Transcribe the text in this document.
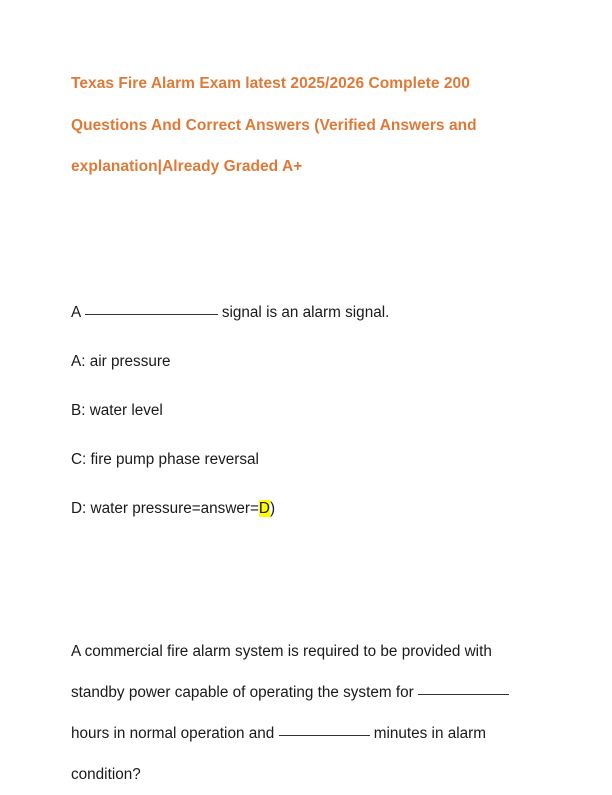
Texas Fire Alarm Exam latest 2025/2026 Complete 200 Questions And Correct Answers (Verified Answers and explanation|Already Graded A+

A	signal is an alarm signal.

A: air pressure

B: water level

C: fire pump phase reversal

D: water pressure=answer=D)

A commercial fire alarm system is required to be provided with standby power capable of operating the system for  hours in normal operation and	minutes in alarm condition?
